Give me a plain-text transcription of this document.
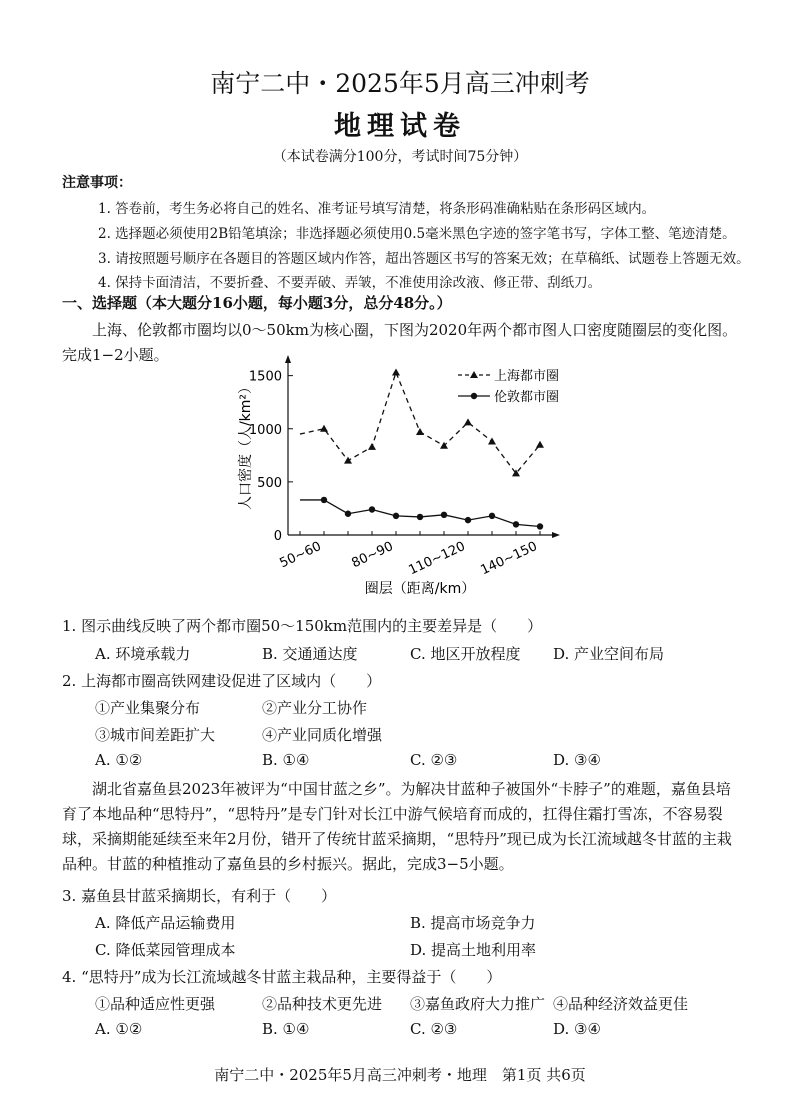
南宁二中・2025年5月高三冲刺考
地理试卷
（本试卷满分100分，考试时间75分钟）
注意事项：
1. 答卷前，考生务必将自己的姓名、准考证号填写清楚，将条形码准确粘贴在条形码区域内。
2. 选择题必须使用2B铅笔填涂；非选择题必须使用0.5毫米黑色字迹的签字笔书写，字体工整、笔迹清楚。
3. 请按照题号顺序在各题目的答题区域内作答，超出答题区书写的答案无效；在草稿纸、试题卷上答题无效。
4. 保持卡面清洁，不要折叠、不要弄破、弄皱，不准使用涂改液、修正带、刮纸刀。
一、选择题（本大题分16小题，每小题3分，总分48分。）
上海、伦敦都市圈均以0～50km为核心圈，下图为2020年两个都市图人口密度随圈层的变化图。完成1−2小题。
0
500
1000
1500
50~60 80~90 110~120 140~150
人口密度（人/km²）
圈层（距离/km）
上海都市圈
伦敦都市圈
1. 图示曲线反映了两个都市圈50～150km范围内的主要差异是（　　）
A. 环境承载力	B. 交通通达度	C. 地区开放程度 D. 产业空间布局
2. 上海都市圈高铁网建设促进了区域内（　　）
①产业集聚分布	②产业分工协作
③城市间差距扩大	④产业同质化增强
A. ①②	B. ①④	C. ②③	D. ③④
湖北省嘉鱼县2023年被评为“中国甘蓝之乡”。为解决甘蓝种子被国外“卡脖子”的难题，嘉鱼县培育了本地品种“思特丹”，“思特丹”是专门针对长江中游气候培育而成的，扛得住霜打雪冻，不容易裂球，采摘期能延续至来年2月份，错开了传统甘蓝采摘期，“思特丹”现已成为长江流域越冬甘蓝的主栽品种。甘蓝的种植推动了嘉鱼县的乡村振兴。据此，完成3−5小题。
3. 嘉鱼县甘蓝采摘期长，有利于（　　）
A. 降低产品运输费用	B. 提高市场竞争力
C. 降低菜园管理成本	D. 提高土地利用率
4. “思特丹”成为长江流域越冬甘蓝主栽品种，主要得益于（　　）
①品种适应性更强	②品种技术更先进 ③嘉鱼政府大力推广 ④品种经济效益更佳
A. ①②	B. ①④	C. ②③	D. ③④
南宁二中・2025年5月高三冲刺考・地理　第1页 共6页
